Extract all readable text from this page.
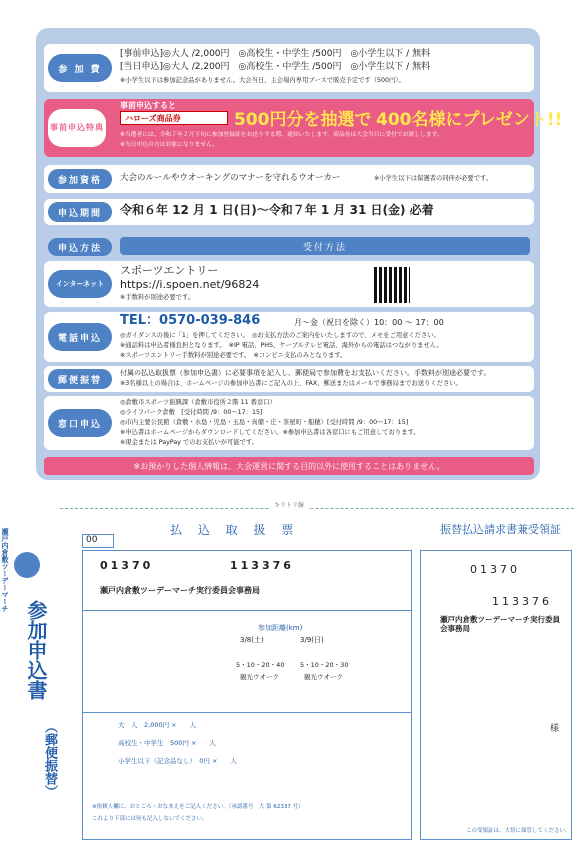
参 加 費
[事前申込]◎大人 /2,000円　◎高校生・中学生 /500円　◎小学生以下 / 無料
[当日申込]◎大人 /2,200円　◎高校生・中学生 /500円　◎小学生以下 / 無料
※小学生以下は参加記念品がありません。大会当日、主会場内専用ブースで販売予定です（500円）。
事前申込特典
事前申込すると
ハローズ商品券	500円分を抽選で 400名様にプレゼント!!
※当選者には、令和７年２月下旬に参加登録証をお送りする際、通知いたします。商品券は大会当日に受付でお渡しします。
※当日申込の方は対象になりません。
参加資格	大会のルールやウオーキングのマナーを守れるウオーカー	※小学生以下は保護者の同伴が必要です。
申込期間	令和６年 12 月 1 日(日)～令和７年 1 月 31 日(金) 必着
申込方法	受付方法
インターネット
スポーツエントリー
https://i.spoen.net/96824
※手数料が別途必要です。
電話申込
TEL：0570-039-846	月～金（祝日を除く）10：00 ～ 17：00
◎ガイダンスの後に「1」を押してください。　◎お支払方法のご案内をいたしますので、メモをご用意ください。
※通話料は申込者様負担となります。　※IP 電話、PHS、ケーブルテレビ電話、海外からの電話はつながりません。
※スポーツエントリー手数料が別途必要です。　※コンビニ支払のみとなります。
郵便振替
付属の払込取扱票（参加申込書）に必要事項を記入し、郵便局で参加費をお支払いください。手数料が別途必要です。
※3名様以上の場合は、ホームページの参加申込書にご記入の上、FAX、郵送またはメールで事務局までお送りください。
窓口申込
◎倉敷市スポーツ振興課（倉敷市役所２階 11 番窓口）
◎ライフパーク倉敷　[受付時間 /9：00～17：15]
◎市内主要公民館（倉敷・水島・児島・玉島・真備・庄・茶屋町・船穂）[受付時間 /9：00～17：15]
※申込書はホームページからダウンロードしてください。※参加申込書は各窓口にもご用意しております。
※現金または PayPay でのお支払いが可能です。
※お預かりした個人情報は、大会運営に関する目的以外に使用することはありません。
キリトリ線
瀬戸内倉敷ツーデーマーチ
参加申込書
（郵便振替）
00
払 込 取 扱 票
01370	113376
瀬戸内倉敷ツーデーマーチ実行委員会事務局
参加距離(km)
3/8(土)	3/9(日)
5・10・20・40 5・10・20・30
観光ウオーク	観光ウオーク
大　人　2,000円 ×　　人
高校生・中学生　500円 ×　　人
小学生以下（記念品なし）　0円 ×　　人
※依頼人欄に、おところ・おなまえをご記入ください。（承認番号　大 第 62337 号）
これより下部には何も記入しないでください。
振替払込請求書兼受領証
01370
113376
瀬戸内倉敷ツーデーマーチ実行委員会事務局
様
この受領証は、大切に保管してください。
